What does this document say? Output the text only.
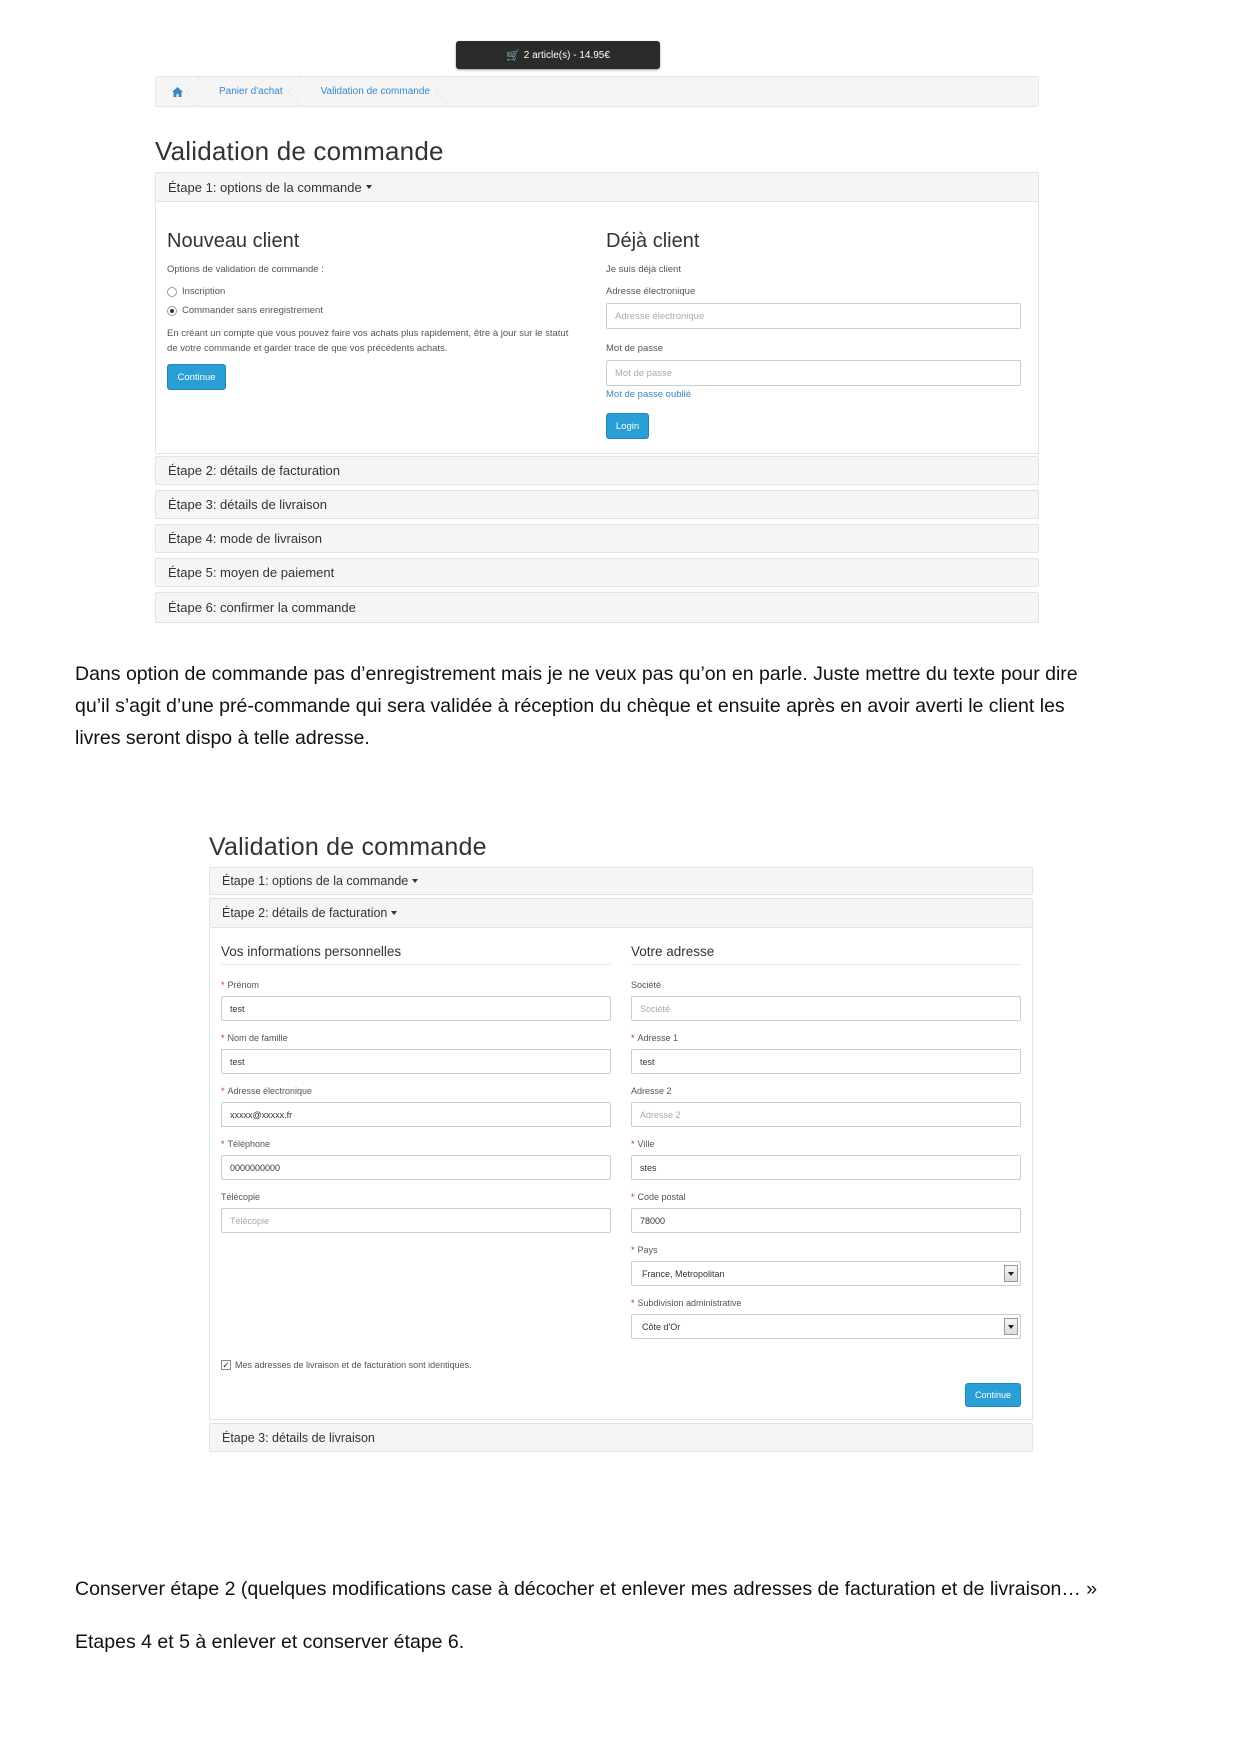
🛒 2 article(s) - 14.95€
Panier d'achat	Validation de commande
Validation de commande
Étape 1: options de la commande
Nouveau client
Options de validation de commande :
Inscription
Commander sans enregistrement
En créant un compte que vous pouvez faire vos achats plus rapidement, être à jour sur le statut
de votre commande et garder trace de que vos précédents achats.
Continue
Déjà client
Je suis déjà client
Adresse électronique
Adresse électronique
Mot de passe
Mot de passe
Mot de passe oublié
Login
Étape 2: détails de facturation
Étape 3: détails de livraison
Étape 4: mode de livraison
Étape 5: moyen de paiement
Étape 6: confirmer la commande
Dans option de commande pas d’enregistrement mais je ne veux pas qu’on en parle. Juste mettre du texte pour dire
qu’il s’agit d’une pré-commande qui sera validée à réception du chèque et ensuite après en avoir averti le client les
livres seront dispo à telle adresse.
Validation de commande
Étape 1: options de la commande
Étape 2: détails de facturation
Vos informations personnelles
* Prénom
test
* Nom de famille
test
* Adresse électronique
xxxxx@xxxxx.fr
* Téléphone
0000000000
Télécopie
Télécopie
Votre adresse
Société
Société
* Adresse 1
test
Adresse 2
Adresse 2
* Ville
stes
* Code postal
78000
* Pays
France, Metropolitan
* Subdivision administrative
Côte d'Or
✓ Mes adresses de livraison et de facturation sont identiques.
Continue
Étape 3: détails de livraison
Conserver étape 2 (quelques modifications case à décocher et enlever mes adresses de facturation et de livraison… »
Etapes 4 et 5 à enlever et conserver étape 6.
